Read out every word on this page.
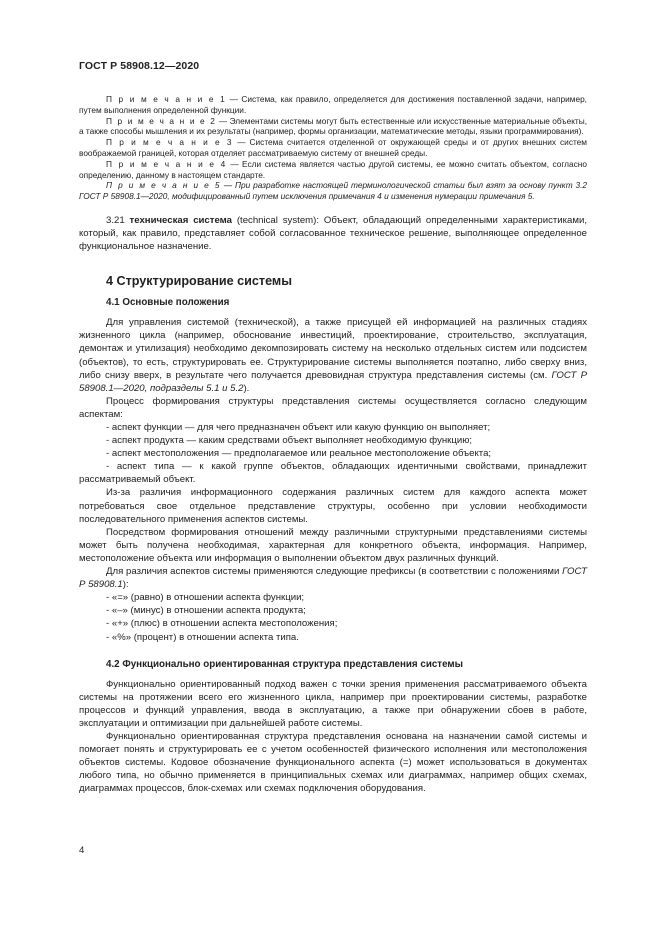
ГОСТ Р 58908.12—2020

П р и м е ч а н и е 1 — Система, как правило, определяется для достижения поставленной задачи, например, путем выполнения определенной функции.

П р и м е ч а н и е 2 — Элементами системы могут быть естественные или искусственные материальные объекты, а также способы мышления и их результаты (например, формы организации, математические методы, языки программирования).

П р и м е ч а н и е 3 — Система считается отделенной от окружающей среды и от других внешних систем воображаемой границей, которая отделяет рассматриваемую систему от внешней среды.

П р и м е ч а н и е 4 — Если система является частью другой системы, ее можно считать объектом, согласно определению, данному в настоящем стандарте.

П р и м е ч а н и е 5 — При разработке настоящей терминологической статьи был взят за основу пункт 3.2 ГОСТ Р 58908.1—2020, модифицированный путем исключения примечания 4 и изменения нумерации примечания 5.

3.21 техническая система (technical system): Объект, обладающий определенными характеристиками, который, как правило, представляет собой согласованное техническое решение, выполняющее определенное функциональное назначение.

4 Структурирование системы

4.1 Основные положения

Для управления системой (технической), а также присущей ей информацией на различных стадиях жизненного цикла (например, обоснование инвестиций, проектирование, строительство, эксплуатация, демонтаж и утилизация) необходимо декомпозировать систему на несколько отдельных систем или подсистем (объектов), то есть, структурировать ее. Структурирование системы выполняется поэтапно, либо сверху вниз, либо снизу вверх, в результате чего получается древовидная структура представления системы (см. ГОСТ Р 58908.1—2020, подразделы 5.1 и 5.2).

Процесс формирования структуры представления системы осуществляется согласно следующим аспектам:

- аспект функции — для чего предназначен объект или какую функцию он выполняет;

- аспект продукта — каким средствами объект выполняет необходимую функцию;

- аспект местоположения — предполагаемое или реальное местоположение объекта;

- аспект типа — к какой группе объектов, обладающих идентичными свойствами, принадлежит рассматриваемый объект.

Из-за различия информационного содержания различных систем для каждого аспекта может потребоваться свое отдельное представление структуры, особенно при условии необходимости последовательного применения аспектов системы.

Посредством формирования отношений между различными структурными представлениями системы может быть получена необходимая, характерная для конкретного объекта, информация. Например, местоположение объекта или информация о выполнении объектом двух различных функций.

Для различия аспектов системы применяются следующие префиксы (в соответствии с положениями ГОСТ Р 58908.1):

- «=» (равно) в отношении аспекта функции;

- «–» (минус) в отношении аспекта продукта;

- «+» (плюс) в отношении аспекта местоположения;

- «%» (процент) в отношении аспекта типа.

4.2 Функционально ориентированная структура представления системы

Функционально ориентированный подход важен с точки зрения применения рассматриваемого объекта системы на протяжении всего его жизненного цикла, например при проектировании системы, разработке процессов и функций управления, ввода в эксплуатацию, а также при обнаружении сбоев в работе, эксплуатации и оптимизации при дальнейшей работе системы.

Функционально ориентированная структура представления основана на назначении самой системы и помогает понять и структурировать ее с учетом особенностей физического исполнения или местоположения объектов системы. Кодовое обозначение функционального аспекта (=) может использоваться в документах любого типа, но обычно применяется в принципиальных схемах или диаграммах, например общих схемах, диаграммах процессов, блок-схемах или схемах подключения оборудования.

4
